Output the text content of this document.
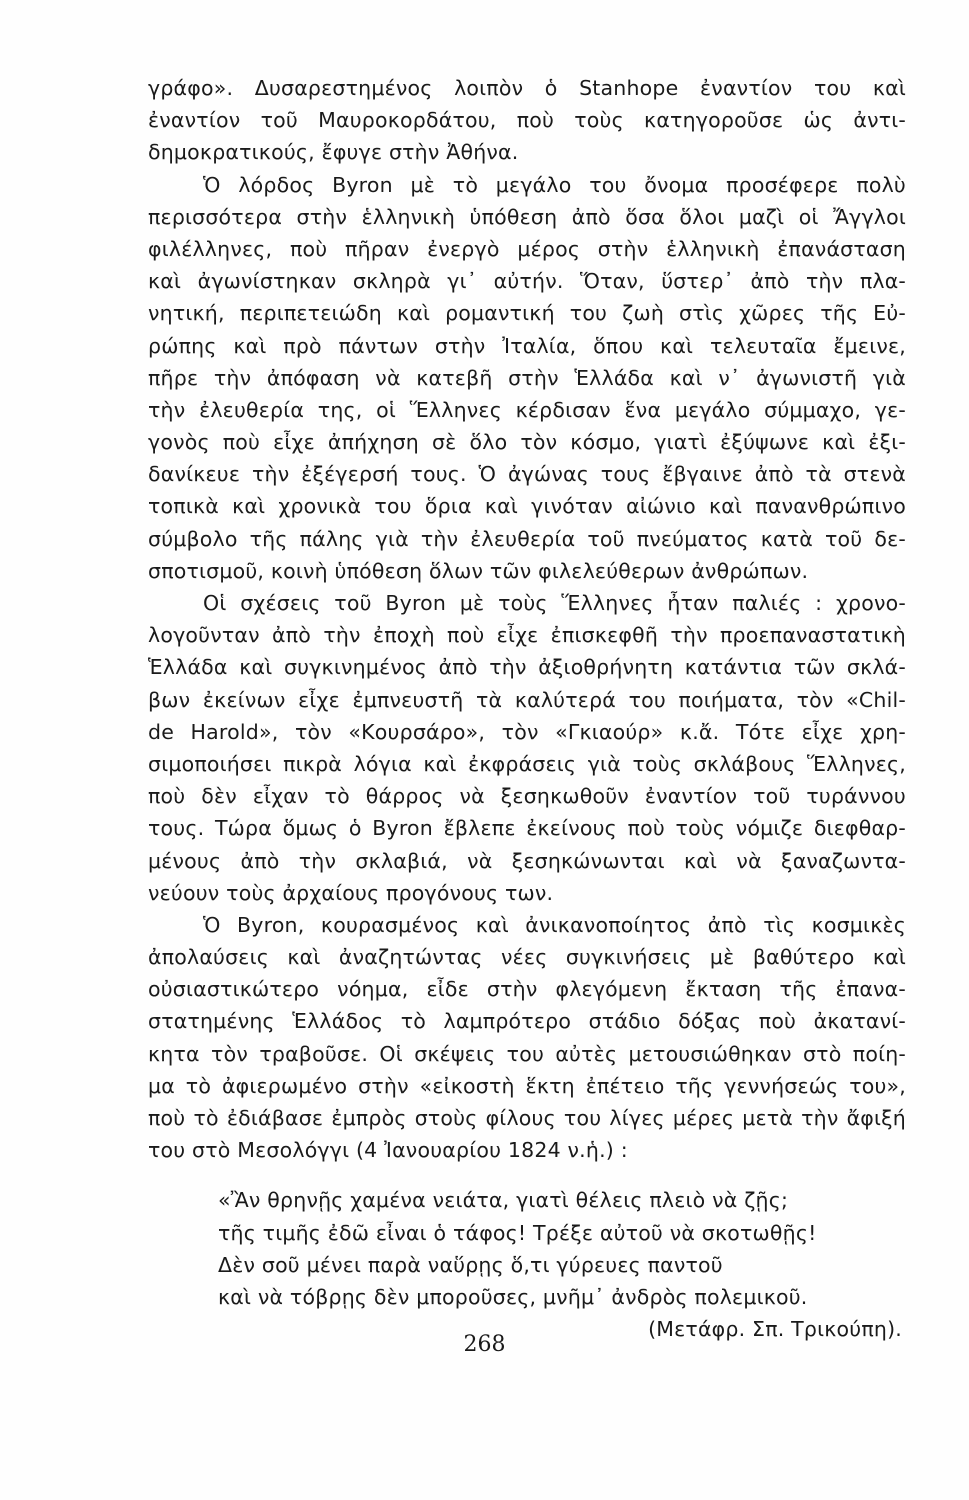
γράφο». Δυσαρεστημένος λοιπὸν ὁ Stanhope ἐναντίον του καὶ
ἐναντίον τοῦ Μαυροκορδάτου, ποὺ τοὺς κατηγοροῦσε ὡς ἀντι-
δημοκρατικούς, ἔφυγε στὴν Ἀθήνα.
Ὁ λόρδος Byron μὲ τὸ μεγάλο του ὄνομα προσέφερε πολὺ
περισσότερα στὴν ἑλληνικὴ ὑπόθεση ἀπὸ ὅσα ὅλοι μαζὶ οἱ Ἄγγλοι
φιλέλληνες, ποὺ πῆραν ἐνεργὸ μέρος στὴν ἑλληνικὴ ἐπανάσταση
καὶ ἀγωνίστηκαν σκληρὰ γι᾽ αὐτήν. Ὅταν, ὕστερ᾽ ἀπὸ τὴν πλα-
νητική, περιπετειώδη καὶ ρομαντική του ζωὴ στὶς χῶρες τῆς Εὐ-
ρώπης καὶ πρὸ πάντων στὴν Ἰταλία, ὅπου καὶ τελευταῖα ἔμεινε,
πῆρε τὴν ἀπόφαση νὰ κατεβῆ στὴν Ἑλλάδα καὶ ν᾽ ἀγωνιστῆ γιὰ
τὴν ἐλευθερία της, οἱ Ἕλληνες κέρδισαν ἕνα μεγάλο σύμμαχο, γε-
γονὸς ποὺ εἶχε ἀπήχηση σὲ ὅλο τὸν κόσμο, γιατὶ ἐξύψωνε καὶ ἐξι-
δανίκευε τὴν ἐξέγερσή τους. Ὁ ἀγώνας τους ἔβγαινε ἀπὸ τὰ στενὰ
τοπικὰ καὶ χρονικὰ του ὅρια καὶ γινόταν αἰώνιο καὶ πανανθρώπινο
σύμβολο τῆς πάλης γιὰ τὴν ἐλευθερία τοῦ πνεύματος κατὰ τοῦ δε-
σποτισμοῦ, κοινὴ ὑπόθεση ὅλων τῶν φιλελεύθερων ἀνθρώπων.
Οἱ σχέσεις τοῦ Byron μὲ τοὺς Ἕλληνες ἦταν παλιές : χρονο-
λογοῦνταν ἀπὸ τὴν ἐποχὴ ποὺ εἶχε ἐπισκεφθῆ τὴν προεπαναστατικὴ
Ἑλλάδα καὶ συγκινημένος ἀπὸ τὴν ἀξιοθρήνητη κατάντια τῶν σκλά-
βων ἐκείνων εἶχε ἐμπνευστῆ τὰ καλύτερά του ποιήματα, τὸν «Chil-
de Harold», τὸν «Κουρσάρο», τὸν «Γκιαούρ» κ.ἄ. Τότε εἶχε χρη-
σιμοποιήσει πικρὰ λόγια καὶ ἐκφράσεις γιὰ τοὺς σκλάβους Ἕλληνες,
ποὺ δὲν εἶχαν τὸ θάρρος νὰ ξεσηκωθοῦν ἐναντίον τοῦ τυράννου
τους. Τώρα ὅμως ὁ Byron ἔβλεπε ἐκείνους ποὺ τοὺς νόμιζε διεφθαρ-
μένους ἀπὸ τὴν σκλαβιά, νὰ ξεσηκώνωνται καὶ νὰ ξαναζωντα-
νεύουν τοὺς ἀρχαίους προγόνους των.
Ὁ Byron, κουρασμένος καὶ ἀνικανοποίητος ἀπὸ τὶς κοσμικὲς
ἀπολαύσεις καὶ ἀναζητώντας νέες συγκινήσεις μὲ βαθύτερο καὶ
οὐσιαστικώτερο νόημα, εἶδε στὴν φλεγόμενη ἔκταση τῆς ἐπανα-
στατημένης Ἑλλάδος τὸ λαμπρότερο στάδιο δόξας ποὺ ἀκατανί-
κητα τὸν τραβοῦσε. Οἱ σκέψεις του αὐτὲς μετουσιώθηκαν στὸ ποίη-
μα τὸ ἀφιερωμένο στὴν «εἰκοστὴ ἕκτη ἐπέτειο τῆς γεννήσεώς του»,
ποὺ τὸ ἐδιάβασε ἐμπρὸς στοὺς φίλους του λίγες μέρες μετὰ τὴν ἄφιξή
του στὸ Μεσολόγγι (4 Ἰανουαρίου 1824 ν.ἡ.) :
«Ἂν θρηνῇς χαμένα νειάτα, γιατὶ θέλεις πλειὸ νὰ ζῇς;
τῆς τιμῆς ἐδῶ εἶναι ὁ τάφος! Τρέξε αὐτοῦ νὰ σκοτωθῇς!
Δὲν σοῦ μένει παρὰ ναὕρῃς ὅ,τι γύρευες παντοῦ
καὶ νὰ τόβρῃς δὲν μποροῦσες, μνῆμ᾽ ἀνδρὸς πολεμικοῦ.
(Μετάφρ. Σπ. Τρικούπη).
268
